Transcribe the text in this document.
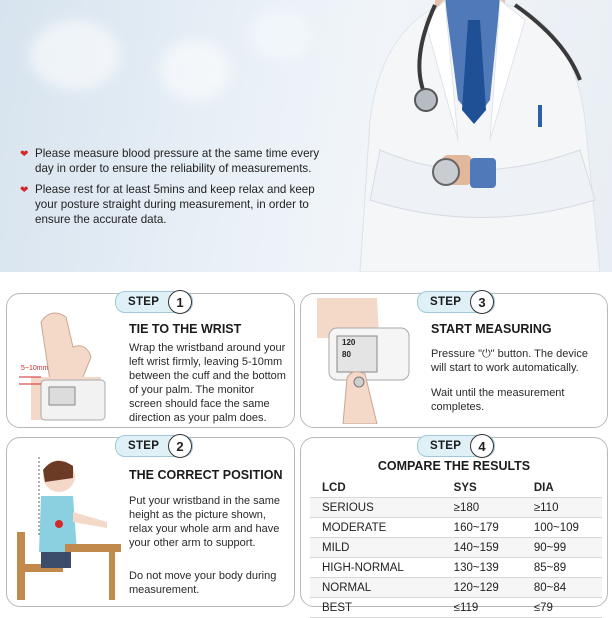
❤ Please measure blood pressure at the same time every day in order to ensure the reliability of measurements.
❤ Please rest for at least 5mins and keep relax and keep your posture straight during measurement, in order to ensure the accurate data.
5~10mm
STEP	1
TIE TO THE WRIST
Wrap the wristband around your left wrist firmly, leaving 5-10mm between the cuff and the bottom of your palm. The monitor screen should face the same direction as your palm does.
120
80
STEP	3
START MEASURING
Pressure "⏻" button. The device will start to work automatically.
Wait until the measurement completes.
STEP	2
THE CORRECT POSITION
Put your wristband in the same height as the picture shown, relax your whole arm and have your other arm to support.
Do not move your body during measurement.
STEP	4
COMPARE THE RESULTS
LCD	SYS	DIA
SERIOUS	≥180	≥110
MODERATE	160~179	100~109
MILD	140~159	90~99
HIGH-NORMAL	130~139	85~89
NORMAL	120~129	80~84
BEST	≤119	≤79
